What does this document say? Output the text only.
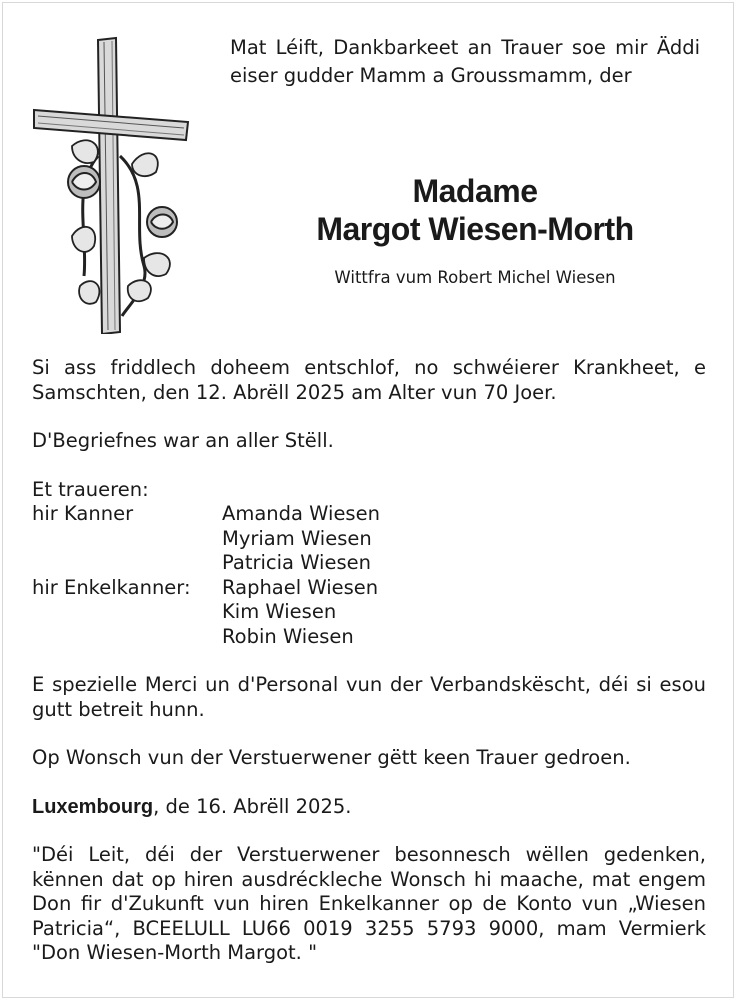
Mat Léift, Dankbarkeet an Trauer soe mir Äddi eiser gudder Mamm a Groussmamm, der
Madame
Margot Wiesen-Morth
Wittfra vum Robert Michel Wiesen

Si ass friddlech doheem entschlof, no schwéierer Krankheet, e Samschten, den 12. Abrëll 2025 am Alter vun 70 Joer.

D'Begriefnes war an aller Stëll.

Et traueren:
hir Kanner	Amanda Wiesen
Myriam Wiesen
Patricia Wiesen
hir Enkelkanner:	Raphael Wiesen
Kim Wiesen
Robin Wiesen

E spezielle Merci un d'Personal vun der Verbandskëscht, déi si esou gutt betreit hunn.

Op Wonsch vun der Verstuerwener gëtt keen Trauer gedroen.

Luxembourg, de 16. Abrëll 2025.

"Déi Leit, déi der Verstuerwener besonnesch wëllen gedenken, kënnen dat op hiren ausdréckleche Wonsch hi maache, mat engem Don fir d'Zukunft vun hiren Enkelkanner op de Konto vun „Wiesen Patricia“, BCEELULL LU66 0019 3255 5793 9000, mam Vermierk "Don Wiesen-Morth Margot. "
